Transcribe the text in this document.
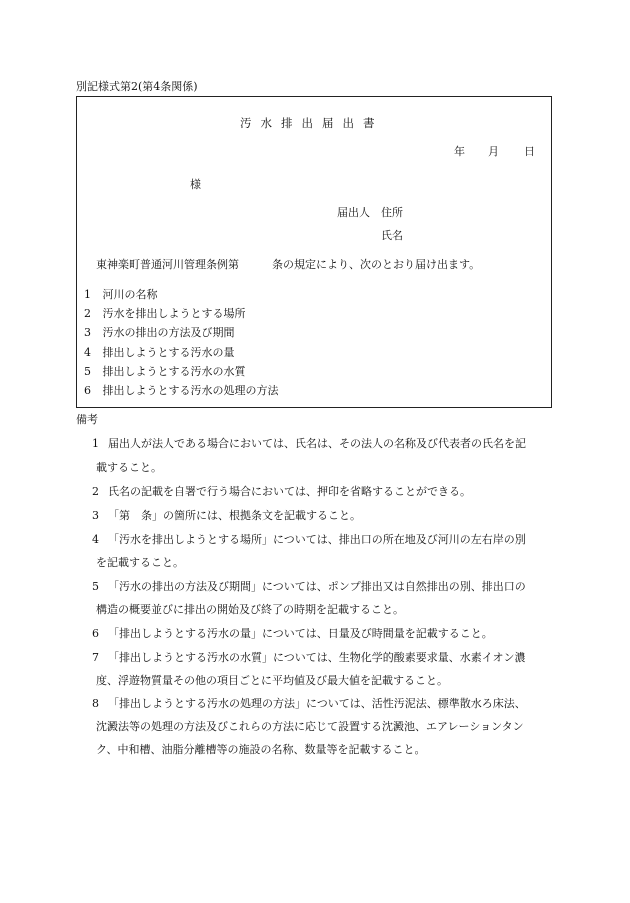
別記様式第2(第4条関係)
汚水排出届出書
年 月 日
様
届出人 住所
氏名
東神楽町普通河川管理条例第	条の規定により、次のとおり届け出ます。
1 河川の名称
2 汚水を排出しようとする場所
3 汚水の排出の方法及び期間
4 排出しようとする汚水の量
5 排出しようとする汚水の水質
6 排出しようとする汚水の処理の方法
備考
1 届出人が法人である場合においては、氏名は、その法人の名称及び代表者の氏名を記
載すること。
2 氏名の記載を自署で行う場合においては、押印を省略することができる。
3 「第　条」の箇所には、根拠条文を記載すること。
4 「汚水を排出しようとする場所」については、排出口の所在地及び河川の左右岸の別
を記載すること。
5 「汚水の排出の方法及び期間」については、ポンプ排出又は自然排出の別、排出口の
構造の概要並びに排出の開始及び終了の時期を記載すること。
6 「排出しようとする汚水の量」については、日量及び時間量を記載すること。
7 「排出しようとする汚水の水質」については、生物化学的酸素要求量、水素イオン濃
度、浮遊物質量その他の項目ごとに平均値及び最大値を記載すること。
8 「排出しようとする汚水の処理の方法」については、活性汚泥法、標準散水ろ床法、
沈澱法等の処理の方法及びこれらの方法に応じて設置する沈澱池、エアレーションタン
ク、中和槽、油脂分離槽等の施設の名称、数量等を記載すること。
